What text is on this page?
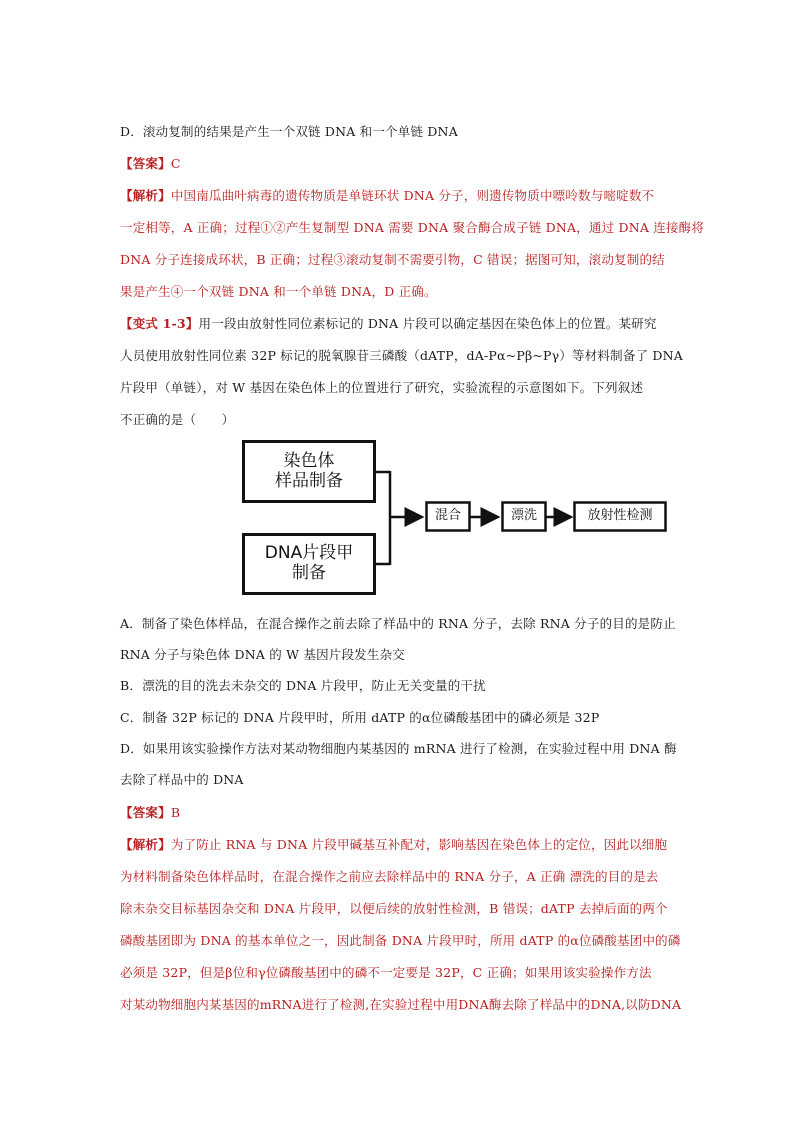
D．滚动复制的结果是产生一个双链 DNA 和一个单链 DNA
【答案】C
【解析】中国南瓜曲叶病毒的遗传物质是单链环状 DNA 分子，则遗传物质中嘌呤数与嘧啶数不
一定相等，A 正确；过程①②产生复制型 DNA 需要 DNA 聚合酶合成子链 DNA，通过 DNA 连接酶将
DNA 分子连接成环状，B 正确；过程③滚动复制不需要引物，C 错误；据图可知，滚动复制的结
果是产生④一个双链 DNA 和一个单链 DNA，D 正确。
【变式 1-3】用一段由放射性同位素标记的 DNA 片段可以确定基因在染色体上的位置。某研究
人员使用放射性同位素 32P 标记的脱氧腺苷三磷酸（dATP，dA-Pα~Pβ~Pγ）等材料制备了 DNA
片段甲（单链），对 W 基因在染色体上的位置进行了研究，实验流程的示意图如下。下列叙述
不正确的是（　　）
染色体
样品制备
DNA片段甲
制备
混合	漂洗	放射性检测
A．制备了染色体样品，在混合操作之前去除了样品中的 RNA 分子，去除 RNA 分子的目的是防止
RNA 分子与染色体 DNA 的 W 基因片段发生杂交
B．漂洗的目的洗去未杂交的 DNA 片段甲，防止无关变量的干扰
C．制备 32P 标记的 DNA 片段甲时，所用 dATP 的α位磷酸基团中的磷必须是 32P
D．如果用该实验操作方法对某动物细胞内某基因的 mRNA 进行了检测，在实验过程中用 DNA 酶
去除了样品中的 DNA
【答案】B
【解析】为了防止 RNA 与 DNA 片段甲碱基互补配对，影响基因在染色体上的定位，因此以细胞
为材料制备染色体样品时，在混合操作之前应去除样品中的 RNA 分子，A 正确 漂洗的目的是去
除未杂交目标基因杂交和 DNA 片段甲，以便后续的放射性检测，B 错误；dATP 去掉后面的两个
磷酸基团即为 DNA 的基本单位之一，因此制备 DNA 片段甲时，所用 dATP 的α位磷酸基团中的磷
必须是 32P，但是β位和γ位磷酸基团中的磷不一定要是 32P，C 正确；如果用该实验操作方法
对某动物细胞内某基因的mRNA进行了检测,在实验过程中用DNA酶去除了样品中的DNA,以防DNA
